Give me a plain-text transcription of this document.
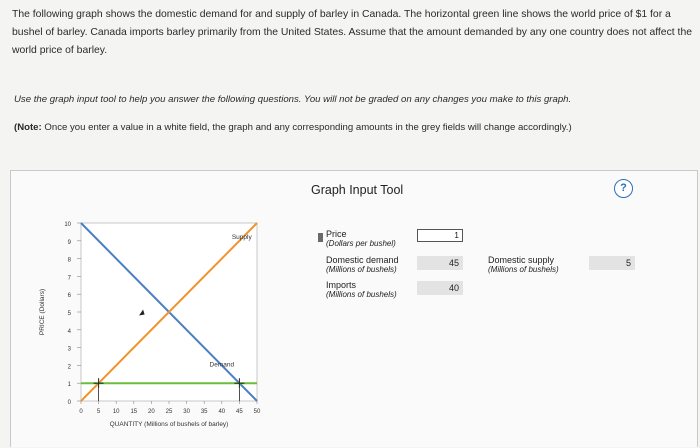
The following graph shows the domestic demand for and supply of barley in Canada. The horizontal green line shows the world price of $1 for a bushel of barley. Canada imports barley primarily from the United States. Assume that the amount demanded by any one country does not affect the world price of barley.
Use the graph input tool to help you answer the following questions. You will not be graded on any changes you make to this graph.
(Note: Once you enter a value in a white field, the graph and any corresponding amounts in the grey fields will change accordingly.)
Graph Input Tool	?
0
1
2
3
4
5
6
7
8
9
10
0 5 10 15 20 25 30 35 40 45 50
PRICE (Dollars)
QUANTITY (Millions of bushels of barley)
Supply
Demand
Price
(Dollars per bushel)
1
Domestic demand
(Millions of bushels)
45	Domestic supply
(Millions of bushels)
5
Imports
(Millions of bushels)
40
